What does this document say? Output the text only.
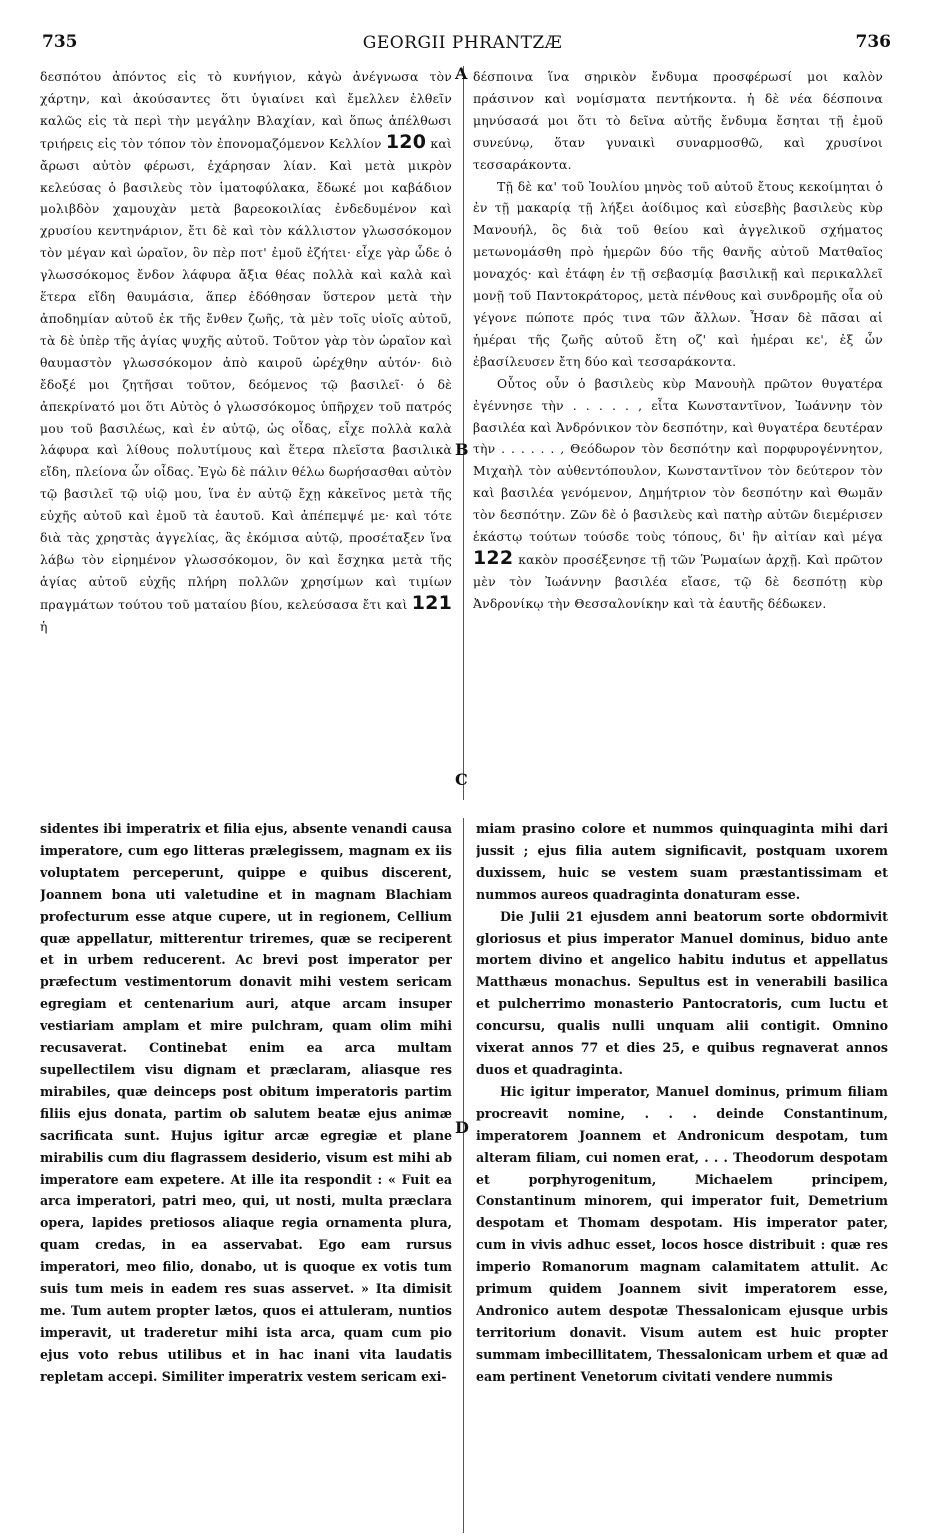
735	GEORGII PHRANTZÆ	736
A
B
C
D

δεσπότου ἀπόντος εἰς τὸ κυνήγιον, κἀγὼ ἀνέγνωσα τὸν χάρτην, καὶ ἀκούσαντες ὅτι ὑγιαίνει καὶ ἔμελλεν ἐλθεῖν καλῶς εἰς τὰ περὶ τὴν μεγάλην Βλαχίαν, καὶ ὅπως ἀπέλθωσι τριήρεις εἰς τὸν τόπον τὸν ἐπονομαζόμενον Κελλίον 120 καὶ ἄρωσι αὐτὸν φέρωσι, ἐχάρησαν λίαν. Καὶ μετὰ μικρὸν κελεύσας ὁ βασιλεὺς τὸν ἱματοφύλακα, ἔδωκέ μοι καβάδιον μολιβδὸν χαμουχὰν μετὰ βαρεοκοιλίας ἐνδεδυμένον καὶ χρυσίου κεντηνάριον, ἔτι δὲ καὶ τὸν κάλλιστον γλωσσόκομον τὸν μέγαν καὶ ὡραῖον, ὃν πὲρ ποτ' ἐμοῦ ἐζήτει· εἶχε γὰρ ὧδε ὁ γλωσσόκομος ἔνδον λάφυρα ἄξια θέας πολλὰ καὶ καλὰ καὶ ἕτερα εἴδη θαυμάσια, ἅπερ ἐδόθησαν ὕστερον μετὰ τὴν ἀποδημίαν αὐτοῦ ἐκ τῆς ἔνθεν ζωῆς, τὰ μὲν τοῖς υἱοῖς αὐτοῦ, τὰ δὲ ὑπὲρ τῆς ἁγίας ψυχῆς αὐτοῦ. Τοῦτον γὰρ τὸν ὡραῖον καὶ θαυμαστὸν γλωσσόκομον ἀπὸ καιροῦ ὠρέχθην αὐτόν· διὸ ἔδοξέ μοι ζητῆσαι τοῦτον, δεόμενος τῷ βασιλεῖ· ὁ δὲ ἀπεκρίνατό μοι ὅτι Αὐτὸς ὁ γλωσσόκομος ὑπῆρχεν τοῦ πατρός μου τοῦ βασιλέως, καὶ ἐν αὐτῷ, ὡς οἶδας, εἶχε πολλὰ καλὰ λάφυρα καὶ λίθους πολυτίμους καὶ ἕτερα πλεῖστα βασιλικὰ εἴδη, πλείονα ὧν οἶδας. Ἐγὼ δὲ πάλιν θέλω δωρήσασθαι αὐτὸν τῷ βασιλεῖ τῷ υἱῷ μου, ἵνα ἐν αὐτῷ ἔχῃ κἀκεῖνος μετὰ τῆς εὐχῆς αὐτοῦ καὶ ἐμοῦ τὰ ἑαυτοῦ. Καὶ ἀπέπεμψέ με· καὶ τότε διὰ τὰς χρηστὰς ἀγγελίας, ἃς ἐκόμισα αὐτῷ, προσέταξεν ἵνα λάβω τὸν εἰρημένον γλωσσόκομον, ὃν καὶ ἔσχηκα μετὰ τῆς ἁγίας αὐτοῦ εὐχῆς πλήρη πολλῶν χρησίμων καὶ τιμίων πραγμάτων τούτου τοῦ ματαίου βίου, κελεύσασα ἔτι καὶ 121 ἡ

δέσποινα ἵνα σηρικὸν ἔνδυμα προσφέρωσί μοι καλὸν πράσινον καὶ νομίσματα πεντήκοντα. ἡ δὲ νέα δέσποινα μηνύσασά μοι ὅτι τὸ δεῖνα αὐτῆς ἔνδυμα ἔσηται τῇ ἐμοῦ συνεύνῳ, ὅταν γυναικὶ συναρμοσθῶ, καὶ χρυσίνοι τεσσαράκοντα.

Τῇ δὲ κα' τοῦ Ἰουλίου μηνὸς τοῦ αὐτοῦ ἔτους κεκοίμηται ὁ ἐν τῇ μακαρίᾳ τῇ λήξει ἀοίδιμος καὶ εὐσεβὴς βασιλεὺς κὺρ Μανουήλ, ὃς διὰ τοῦ θείου καὶ ἀγγελικοῦ σχήματος μετωνομάσθη πρὸ ἡμερῶν δύο τῆς θανῆς αὐτοῦ Ματθαῖος μοναχός· καὶ ἐτάφη ἐν τῇ σεβασμίᾳ βασιλικῇ καὶ περικαλλεῖ μονῇ τοῦ Παντοκράτορος, μετὰ πένθους καὶ συνδρομῆς οἷα οὐ γέγονε πώποτε πρός τινα τῶν ἄλλων. Ἦσαν δὲ πᾶσαι αἱ ἡμέραι τῆς ζωῆς αὐτοῦ ἔτη οζ' καὶ ἡμέραι κε', ἐξ ὧν ἐβασίλευσεν ἔτη δύο καὶ τεσσαράκοντα.

Οὗτος οὖν ὁ βασιλεὺς κὺρ Μανουὴλ πρῶτον θυγατέρα ἐγέννησε τὴν . . . . . , εἶτα Κωνσταντῖνον, Ἰωάννην τὸν βασιλέα καὶ Ἀνδρόνικον τὸν δεσπότην, καὶ θυγατέρα δευτέραν τὴν . . . . . . , Θεόδωρον τὸν δεσπότην καὶ πορφυρογέννητον, Μιχαὴλ τὸν αὐθεντόπουλον, Κωνσταντῖνον τὸν δεύτερον τὸν καὶ βασιλέα γενόμενον, Δημήτριον τὸν δεσπότην καὶ Θωμᾶν τὸν δεσπότην. Ζῶν δὲ ὁ βασιλεὺς καὶ πατὴρ αὐτῶν διεμέρισεν ἑκάστῳ τούτων τούσδε τοὺς τόπους, δι' ἣν αἰτίαν καὶ μέγα 122 κακὸν προσέξενησε τῇ τῶν Ῥωμαίων ἀρχῇ. Καὶ πρῶτον μὲν τὸν Ἰωάννην βασιλέα εἴασε, τῷ δὲ δεσπότῃ κὺρ Ἀνδρονίκῳ τὴν Θεσσαλονίκην καὶ τὰ ἑαυτῆς δέδωκεν.

sidentes ibi imperatrix et filia ejus, absente venandi causa imperatore, cum ego litteras prælegissem, magnam ex iis voluptatem perceperunt, quippe e quibus discerent, Joannem bona uti valetudine et in magnam Blachiam profecturum esse atque cupere, ut in regionem, Cellium quæ appellatur, mitterentur triremes, quæ se reciperent et in urbem reducerent. Ac brevi post imperator per præfectum vestimentorum donavit mihi vestem sericam egregiam et centenarium auri, atque arcam insuper vestiariam amplam et mire pulchram, quam olim mihi recusaverat. Continebat enim ea arca multam supellectilem visu dignam et præclaram, aliasque res mirabiles, quæ deinceps post obitum imperatoris partim filiis ejus donata, partim ob salutem beatæ ejus animæ sacrificata sunt. Hujus igitur arcæ egregiæ et plane mirabilis cum diu flagrassem desiderio, visum est mihi ab imperatore eam expetere. At ille ita respondit : « Fuit ea arca imperatori, patri meo, qui, ut nosti, multa præclara opera, lapides pretiosos aliaque regia ornamenta plura, quam credas, in ea asservabat. Ego eam rursus imperatori, meo filio, donabo, ut is quoque ex votis tum suis tum meis in eadem res suas asservet. » Ita dimisit me. Tum autem propter lætos, quos ei attuleram, nuntios imperavit, ut traderetur mihi ista arca, quam cum pio ejus voto rebus utilibus et in hac inani vita laudatis repletam accepi. Similiter imperatrix vestem sericam exi-

miam prasino colore et nummos quinquaginta mihi dari jussit ; ejus filia autem significavit, postquam uxorem duxissem, huic se vestem suam præstantissimam et nummos aureos quadraginta donaturam esse.

Die Julii 21 ejusdem anni beatorum sorte obdormivit gloriosus et pius imperator Manuel dominus, biduo ante mortem divino et angelico habitu indutus et appellatus Matthæus monachus. Sepultus est in venerabili basilica et pulcherrimo monasterio Pantocratoris, cum luctu et concursu, qualis nulli unquam alii contigit. Omnino vixerat annos 77 et dies 25, e quibus regnaverat annos duos et quadraginta.

Hic igitur imperator, Manuel dominus, primum filiam procreavit nomine, . . . deinde Constantinum, imperatorem Joannem et Andronicum despotam, tum alteram filiam, cui nomen erat, . . . Theodorum despotam et porphyrogenitum, Michaelem principem, Constantinum minorem, qui imperator fuit, Demetrium despotam et Thomam despotam. His imperator pater, cum in vivis adhuc esset, locos hosce distribuit : quæ res imperio Romanorum magnam calamitatem attulit. Ac primum quidem Joannem sivit imperatorem esse, Andronico autem despotæ Thessalonicam ejusque urbis territorium donavit. Visum autem est huic propter summam imbecillitatem, Thessalonicam urbem et quæ ad eam pertinent Venetorum civitati vendere nummis
